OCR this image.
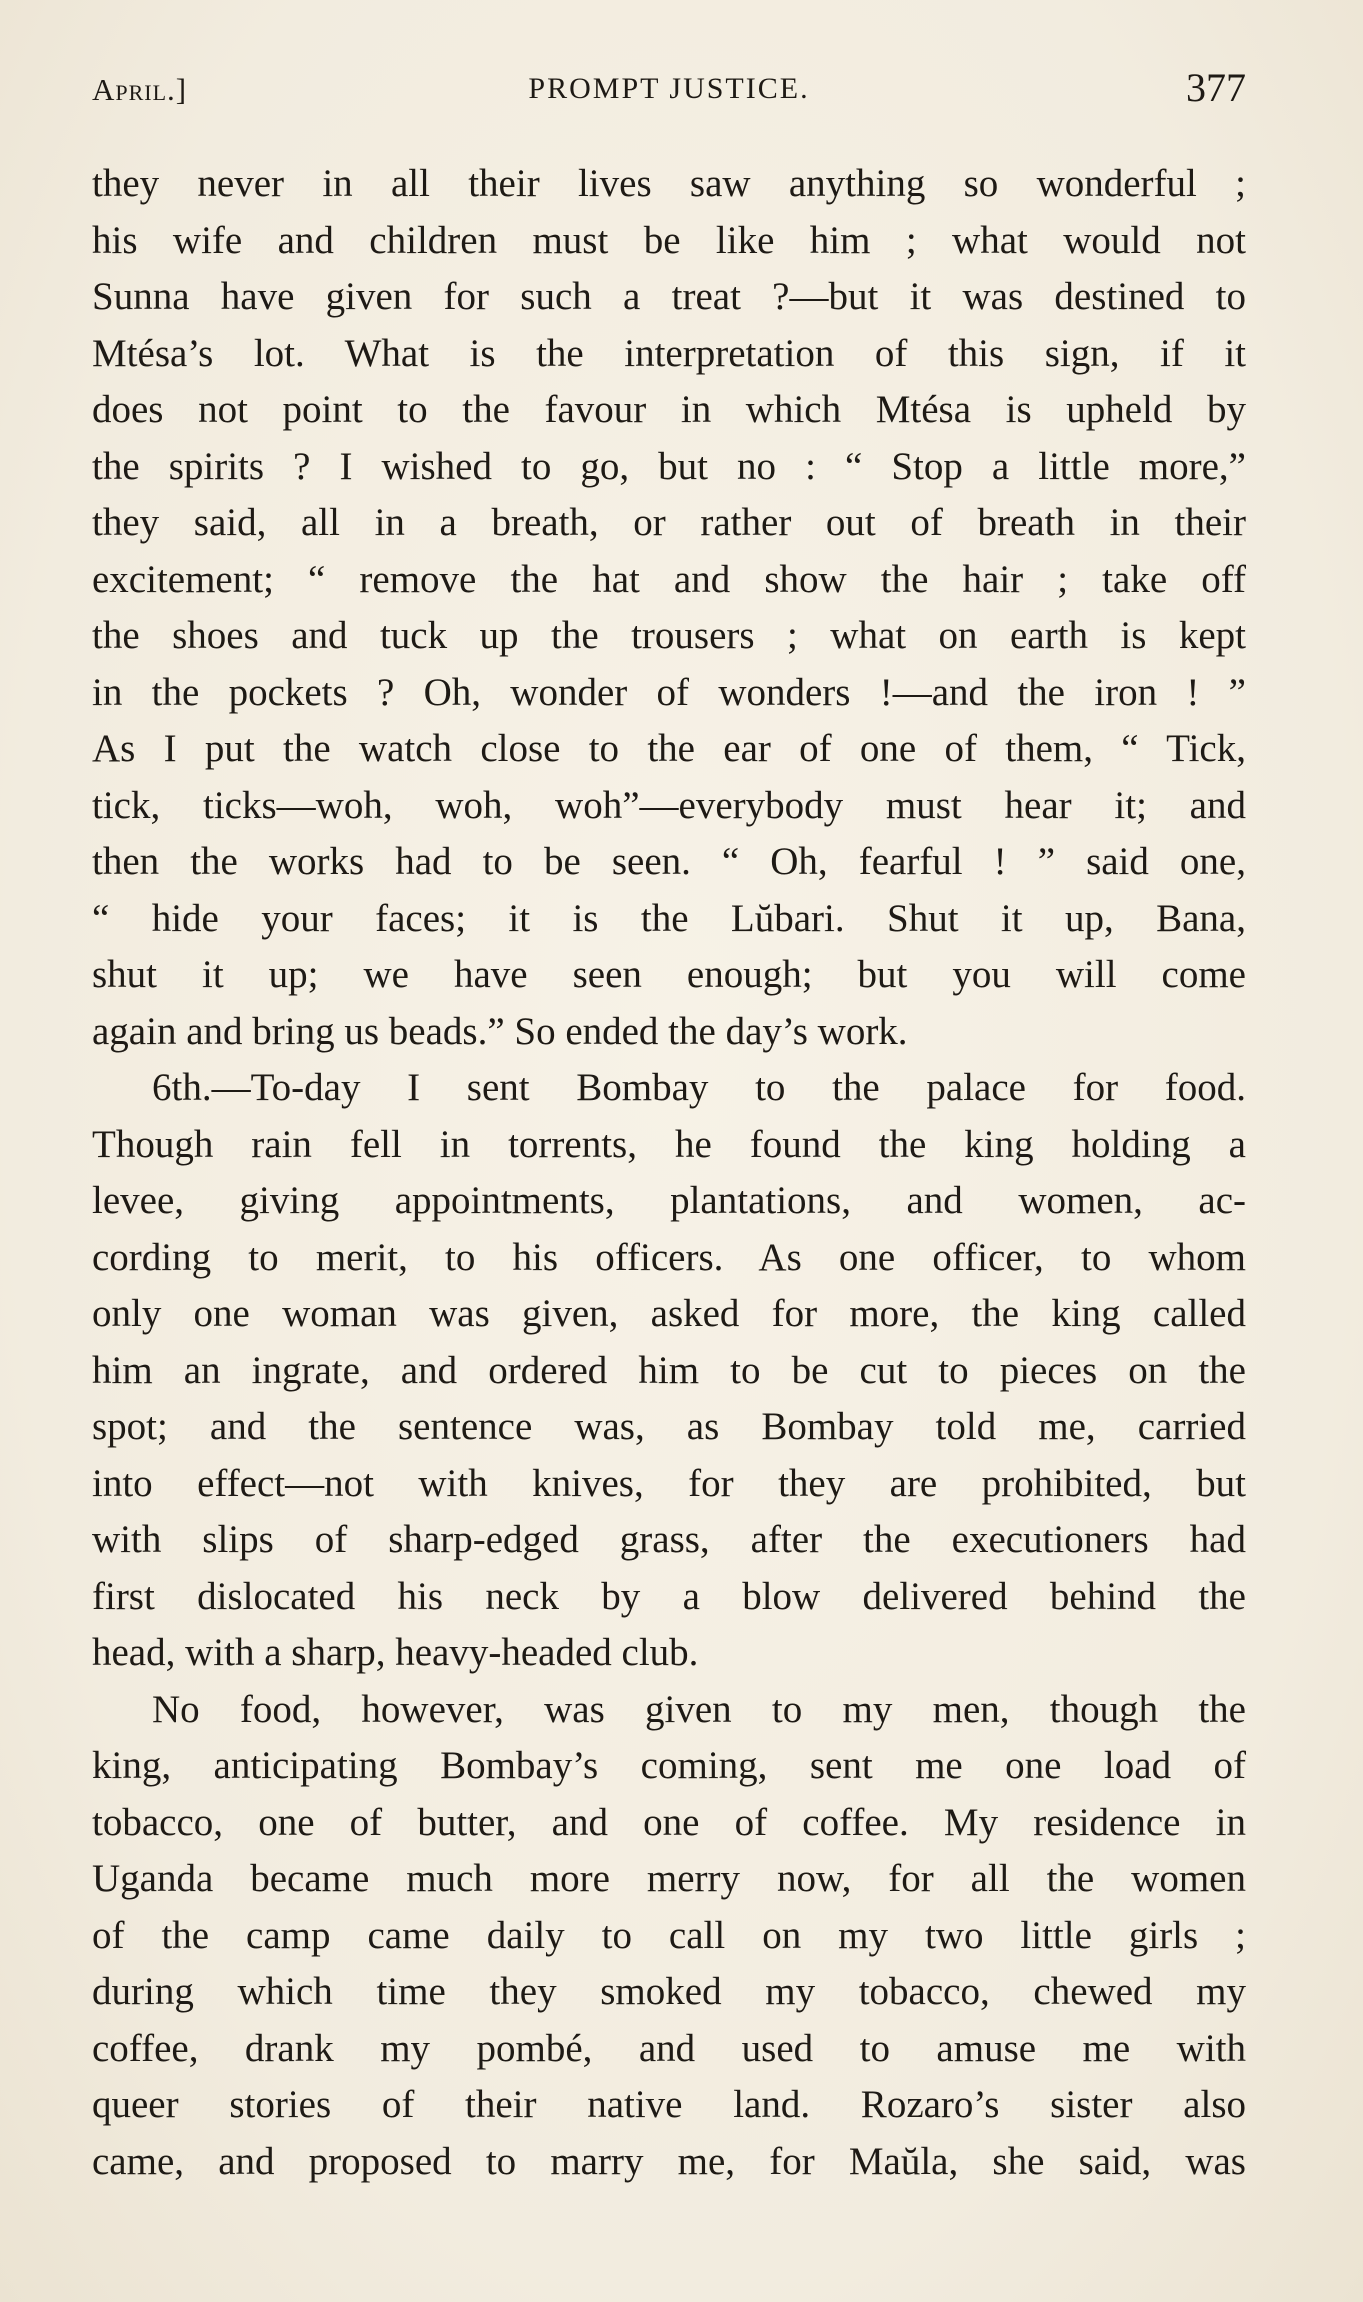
April.]	PROMPT JUSTICE.	377
they never in all their lives saw anything so wonderful ;
his wife and children must be like him ; what would not
Sunna have given for such a treat ?—but it was destined to
Mtésa’s lot. What is the interpretation of this sign, if it
does not point to the favour in which Mtésa is upheld by
the spirits ? I wished to go, but no : “ Stop a little more,”
they said, all in a breath, or rather out of breath in their
excitement; “ remove the hat and show the hair ; take off
the shoes and tuck up the trousers ; what on earth is kept
in the pockets ? Oh, wonder of wonders !—and the iron ! ”
As I put the watch close to the ear of one of them, “ Tick,
tick, ticks—woh, woh, woh”—everybody must hear it; and
then the works had to be seen. “ Oh, fearful ! ” said one,
“ hide your faces; it is the Lŭbari. Shut it up, Bana,
shut it up; we have seen enough; but you will come
again and bring us beads.” So ended the day’s work.
6th.—To-day I sent Bombay to the palace for food.
Though rain fell in torrents, he found the king holding a
levee, giving appointments, plantations, and women, ac-
cording to merit, to his officers. As one officer, to whom
only one woman was given, asked for more, the king called
him an ingrate, and ordered him to be cut to pieces on the
spot; and the sentence was, as Bombay told me, carried
into effect—not with knives, for they are prohibited, but
with slips of sharp-edged grass, after the executioners had
first dislocated his neck by a blow delivered behind the
head, with a sharp, heavy-headed club.
No food, however, was given to my men, though the
king, anticipating Bombay’s coming, sent me one load of
tobacco, one of butter, and one of coffee. My residence in
Uganda became much more merry now, for all the women
of the camp came daily to call on my two little girls ;
during which time they smoked my tobacco, chewed my
coffee, drank my pombé, and used to amuse me with
queer stories of their native land. Rozaro’s sister also
came, and proposed to marry me, for Maŭla, she said, was
